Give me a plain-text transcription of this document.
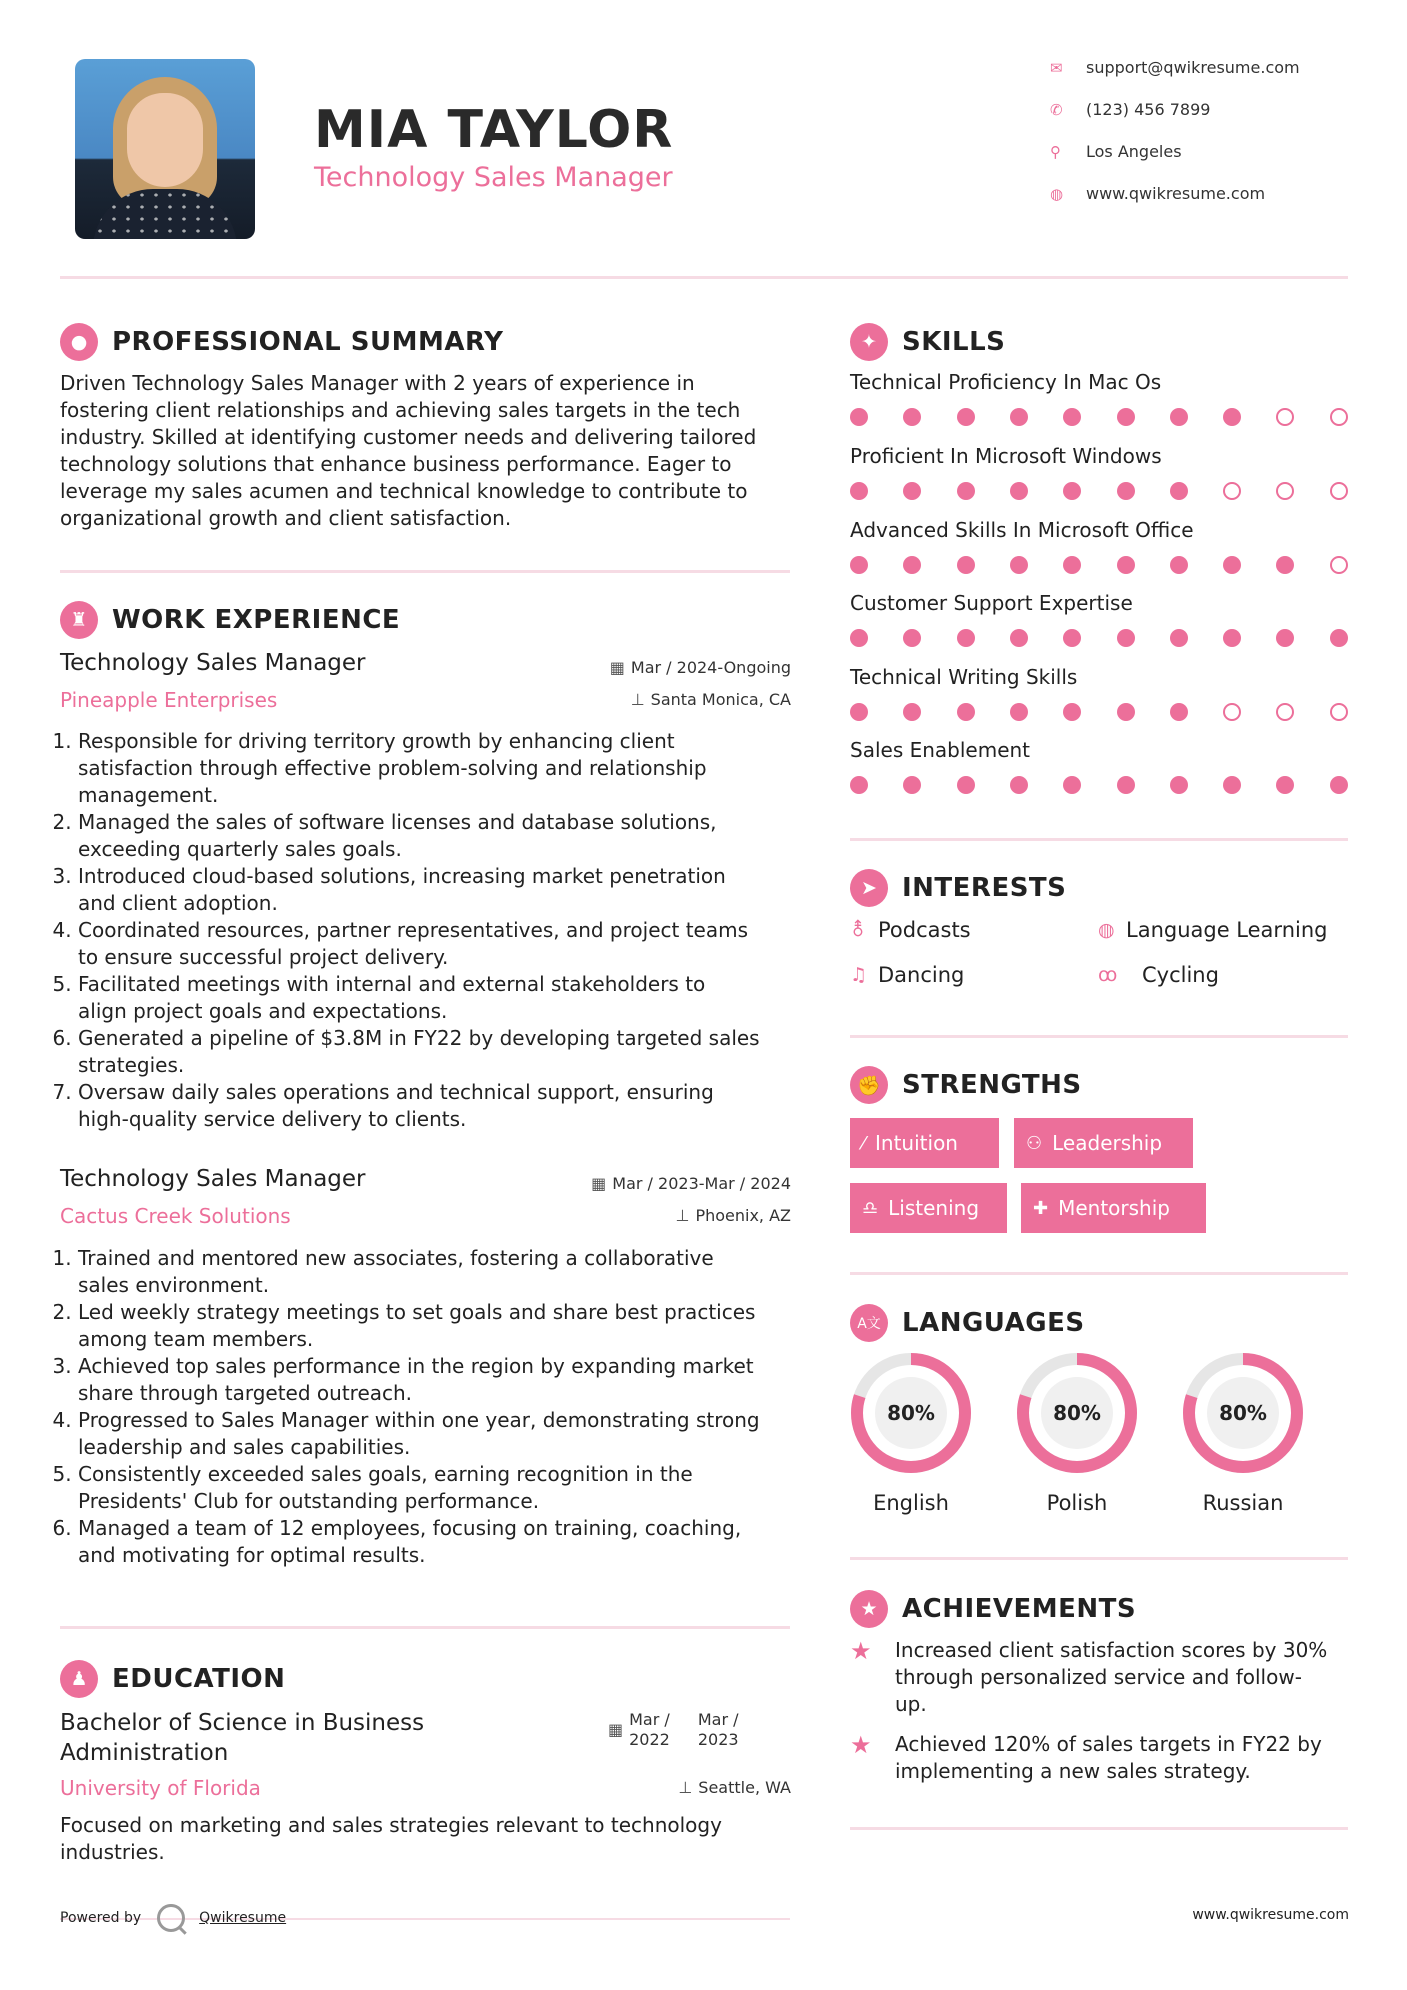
MIA TAYLOR
Technology Sales Manager
✉	support@qwikresume.com
✆	(123) 456 7899
⚲	Los Angeles
◍	www.qwikresume.com
● PROFESSIONAL SUMMARY
Driven Technology Sales Manager with 2 years of experience in
fostering client relationships and achieving sales targets in the tech
industry. Skilled at identifying customer needs and delivering tailored
technology solutions that enhance business performance. Eager to
leverage my sales acumen and technical knowledge to contribute to
organizational growth and client satisfaction.
♜ WORK EXPERIENCE
Technology Sales Manager
Pineapple Enterprises
▦ Mar / 2024-Ongoing
⊥ Santa Monica, CA
1. Responsible for driving territory growth by enhancing client
satisfaction through effective problem-solving and relationship
management.
2. Managed the sales of software licenses and database solutions,
exceeding quarterly sales goals.
3. Introduced cloud-based solutions, increasing market penetration
and client adoption.
4. Coordinated resources, partner representatives, and project teams
to ensure successful project delivery.
5. Facilitated meetings with internal and external stakeholders to
align project goals and expectations.
6. Generated a pipeline of $3.8M in FY22 by developing targeted sales
strategies.
7. Oversaw daily sales operations and technical support, ensuring
high-quality service delivery to clients.
Technology Sales Manager
Cactus Creek Solutions
▦ Mar / 2023-Mar / 2024
⊥ Phoenix, AZ
1. Trained and mentored new associates, fostering a collaborative
sales environment.
2. Led weekly strategy meetings to set goals and share best practices
among team members.
3. Achieved top sales performance in the region by expanding market
share through targeted outreach.
4. Progressed to Sales Manager within one year, demonstrating strong
leadership and sales capabilities.
5. Consistently exceeded sales goals, earning recognition in the
Presidents' Club for outstanding performance.
6. Managed a team of 12 employees, focusing on training, coaching,
and motivating for optimal results.
♟ EDUCATION
Bachelor of Science in Business
Administration
▦
Mar /
2022
Mar /
2023
University of Florida	⊥ Seattle, WA
Focused on marketing and sales strategies relevant to technology
industries.
✦ SKILLS
Technical Proficiency In Mac Os
Proficient In Microsoft Windows
Advanced Skills In Microsoft Office
Customer Support Expertise
Technical Writing Skills
Sales Enablement
➤ INTERESTS
⚨ Podcasts	◍ Language Learning
♫ Dancing	ꝏ	Cycling
✊ STRENGTHS
⁄ Intuition	⚇ Leadership
♎ Listening	✚ Mentorship
A文 LANGUAGES
80%
English
80%
Polish
80%
Russian
★ ACHIEVEMENTS
★	Increased client satisfaction scores by 30%
through personalized service and follow-
up.
★	Achieved 120% of sales targets in FY22 by
implementing a new sales strategy.
Powered by	Qwikresume	www.qwikresume.com
